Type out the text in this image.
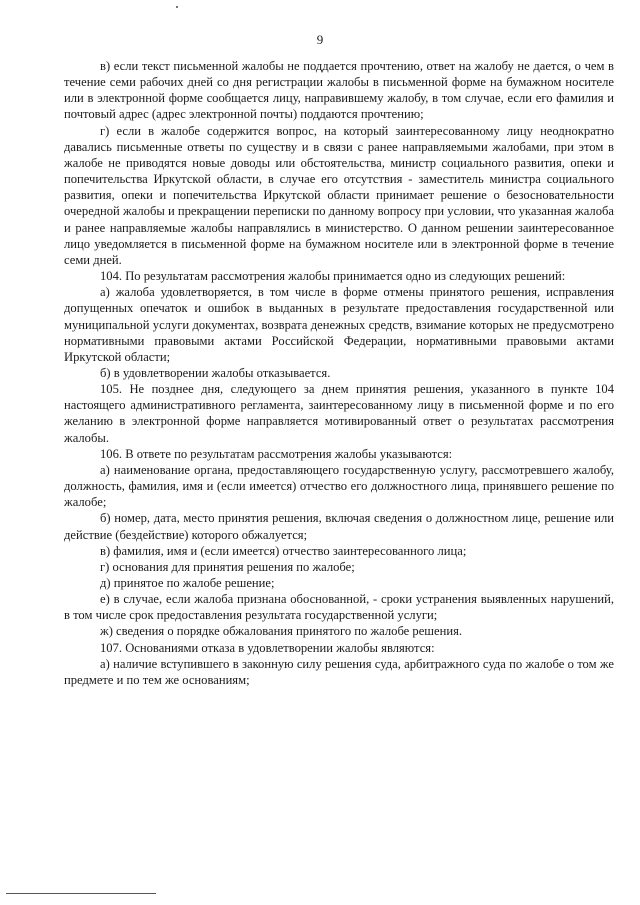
9

в) если текст письменной жалобы не поддается прочтению, ответ на жалобу не дается, о чем в течение семи рабочих дней со дня регистрации жалобы в письменной форме на бумажном носителе или в электронной форме сообщается лицу, направившему жалобу, в том случае, если его фамилия и почтовый адрес (адрес электронной почты) поддаются прочтению;

г) если в жалобе содержится вопрос, на который заинтересованному лицу неоднократно давались письменные ответы по существу и в связи с ранее направляемыми жалобами, при этом в жалобе не приводятся новые доводы или обстоятельства, министр социального развития, опеки и попечительства Иркутской области, в случае его отсутствия - заместитель министра социального развития, опеки и попечительства Иркутской области принимает решение о безосновательности очередной жалобы и прекращении переписки по данному вопросу при условии, что указанная жалоба и ранее направляемые жалобы направлялись в министерство. О данном решении заинтересованное лицо уведомляется в письменной форме на бумажном носителе или в электронной форме в течение семи дней.

104. По результатам рассмотрения жалобы принимается одно из следующих решений:

а) жалоба удовлетворяется, в том числе в форме отмены принятого решения, исправления допущенных опечаток и ошибок в выданных в результате предоставления государственной или муниципальной услуги документах, возврата денежных средств, взимание которых не предусмотрено нормативными правовыми актами Российской Федерации, нормативными правовыми актами Иркутской области;

б) в удовлетворении жалобы отказывается.

105. Не позднее дня, следующего за днем принятия решения, указанного в пункте 104 настоящего административного регламента, заинтересованному лицу в письменной форме и по его желанию в электронной форме направляется мотивированный ответ о результатах рассмотрения жалобы.

106. В ответе по результатам рассмотрения жалобы указываются:

а) наименование органа, предоставляющего государственную услугу, рассмотревшего жалобу, должность, фамилия, имя и (если имеется) отчество его должностного лица, принявшего решение по жалобе;

б) номер, дата, место принятия решения, включая сведения о должностном лице, решение или действие (бездействие) которого обжалуется;

в) фамилия, имя и (если имеется) отчество заинтересованного лица;

г) основания для принятия решения по жалобе;

д) принятое по жалобе решение;

е) в случае, если жалоба признана обоснованной, - сроки устранения выявленных нарушений, в том числе срок предоставления результата государственной услуги;

ж) сведения о порядке обжалования принятого по жалобе решения.

107. Основаниями отказа в удовлетворении жалобы являются:

а) наличие вступившего в законную силу решения суда, арбитражного суда по жалобе о том же предмете и по тем же основаниям;
